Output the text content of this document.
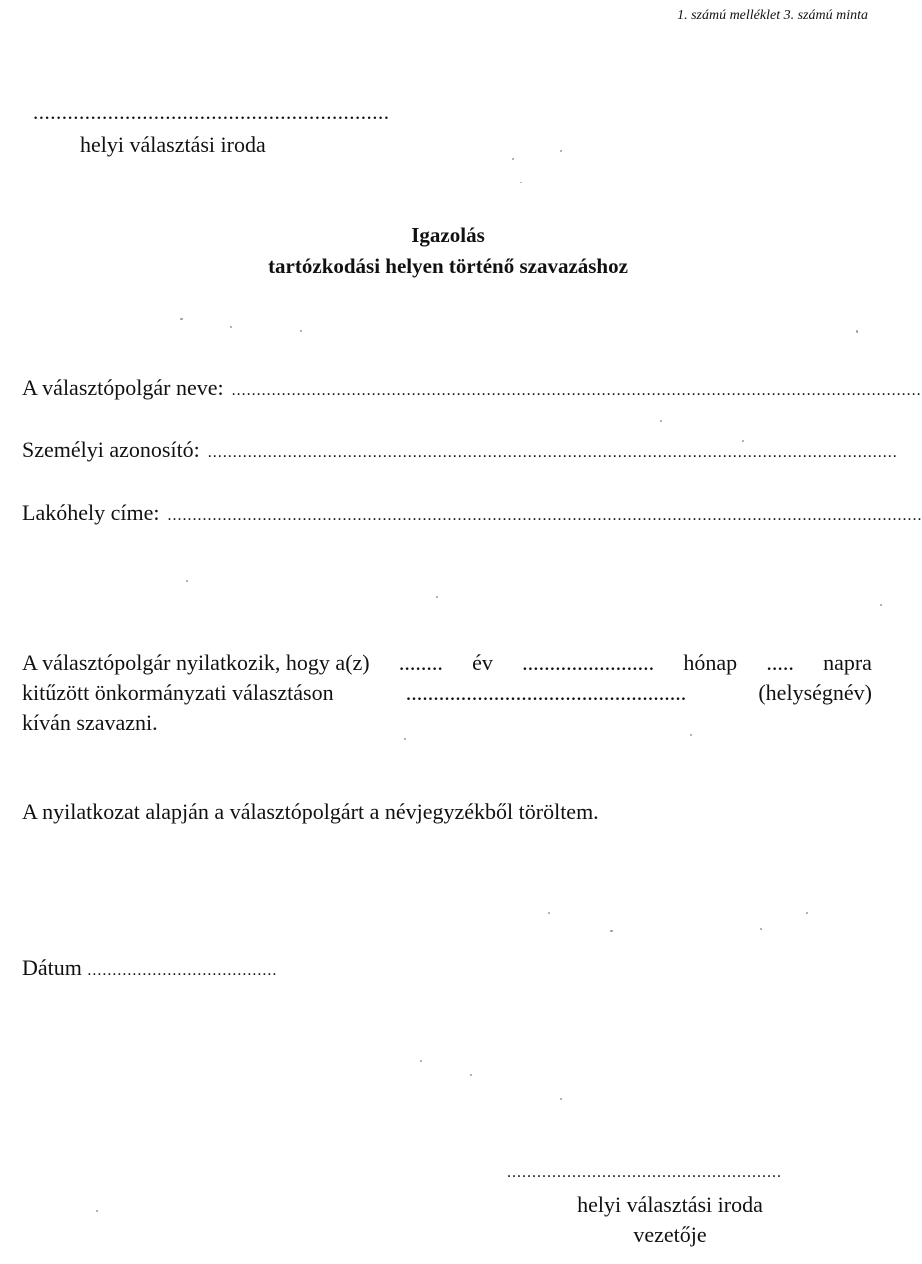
1. számú melléklet 3. számú minta
..............................................................
helyi választási iroda
Igazolás
tartózkodási helyen történő szavazáshoz
A választópolgár neve: ..........................................................................................................................................
Személyi azonosító: ..........................................................................................................................................
Lakóhely címe: .......................................................................................................................................................
A választópolgár nyilatkozik, hogy a(z) ........ év ........................ hónap ..... napra
kitűzött önkormányzati választáson	...................................................	(helységnév)
kíván szavazni.
A nyilatkozat alapján a választópolgárt a névjegyzékből töröltem.
Dátum ......................................
.......................................................
helyi választási iroda
vezetője
